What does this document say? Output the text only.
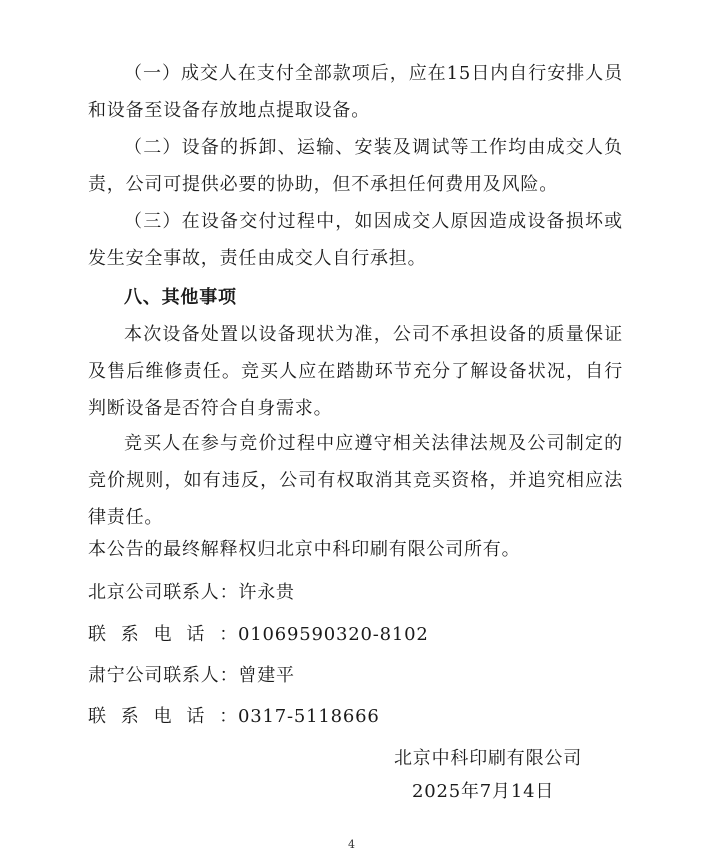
（一）成交人在支付全部款项后，应在15日内自行安排人员和设备至设备存放地点提取设备。

（二）设备的拆卸、运输、安装及调试等工作均由成交人负责，公司可提供必要的协助，但不承担任何费用及风险。

（三）在设备交付过程中，如因成交人原因造成设备损坏或发生安全事故，责任由成交人自行承担。

八、其他事项

本次设备处置以设备现状为准，公司不承担设备的质量保证及售后维修责任。竞买人应在踏勘环节充分了解设备状况，自行判断设备是否符合自身需求。

竞买人在参与竞价过程中应遵守相关法律法规及公司制定的竞价规则，如有违反，公司有权取消其竞买资格，并追究相应法律责任。

本公告的最终解释权归北京中科印刷有限公司所有。

北京公司联系人：许永贵

联系电话：01069590320-8102

肃宁公司联系人：曾建平

联系电话：0317-5118666

北京中科印刷有限公司

2025年7月14日

4
